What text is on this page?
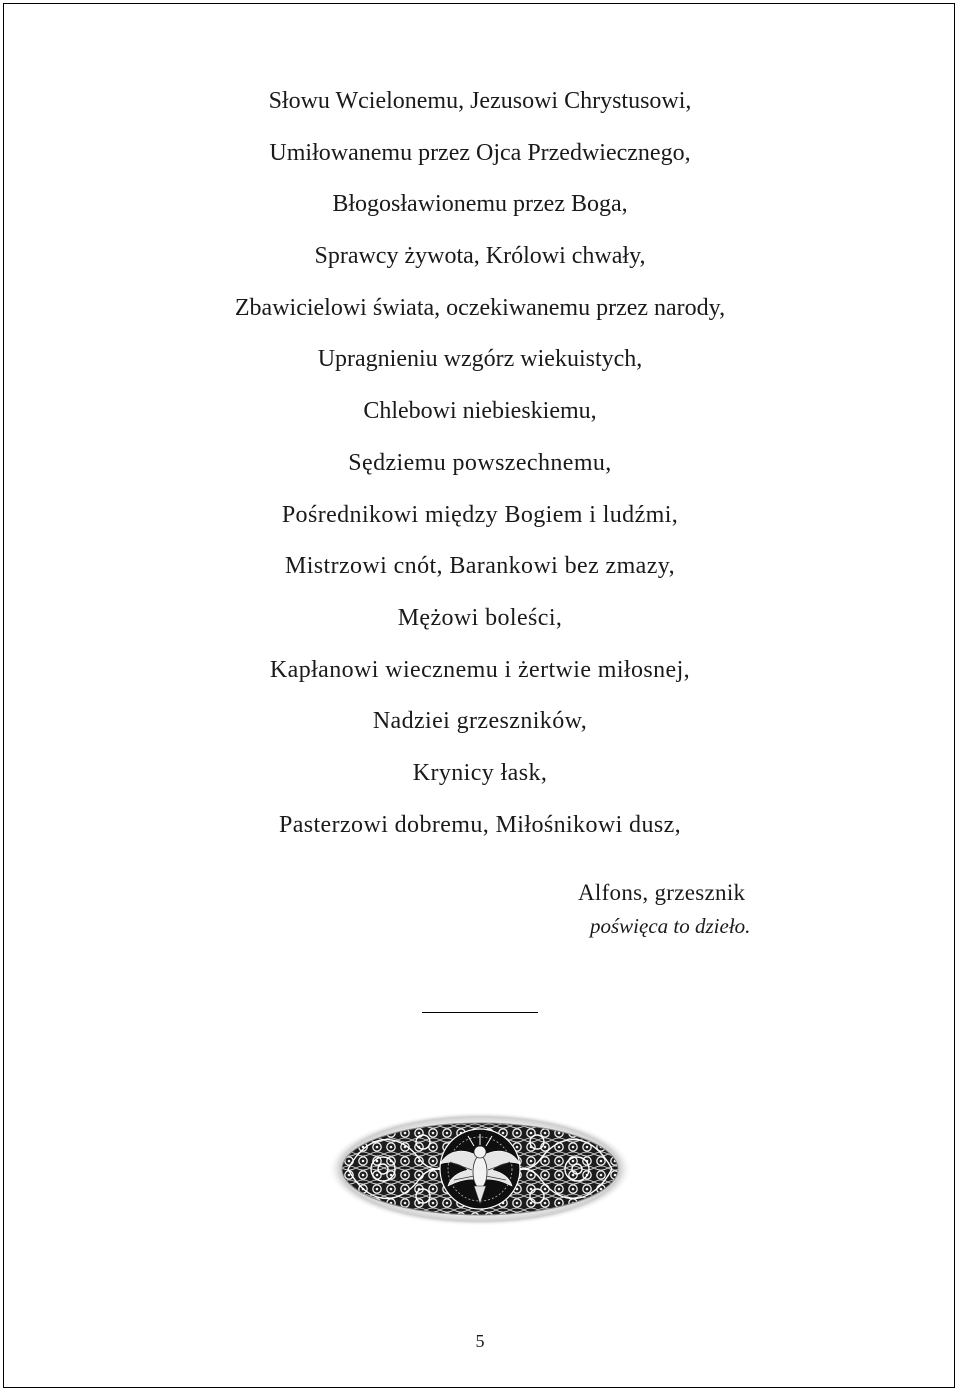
Słowu Wcielonemu, Jezusowi Chrystusowi,
Umiłowanemu przez Ojca Przedwiecznego,
Błogosławionemu przez Boga,
Sprawcy żywota, Królowi chwały,
Zbawicielowi świata, oczekiwanemu przez narody,
Upragnieniu wzgórz wiekuistych,
Chlebowi niebieskiemu,
Sędziemu powszechnemu,
Pośrednikowi między Bogiem i ludźmi,
Mistrzowi cnót, Barankowi bez zmazy,
Mężowi boleści,
Kapłanowi wiecznemu i żertwie miłosnej,
Nadziei grzeszników,
Krynicy łask,
Pasterzowi dobremu, Miłośnikowi dusz,
Alfons, grzesznik
poświęca to dzieło.
5
